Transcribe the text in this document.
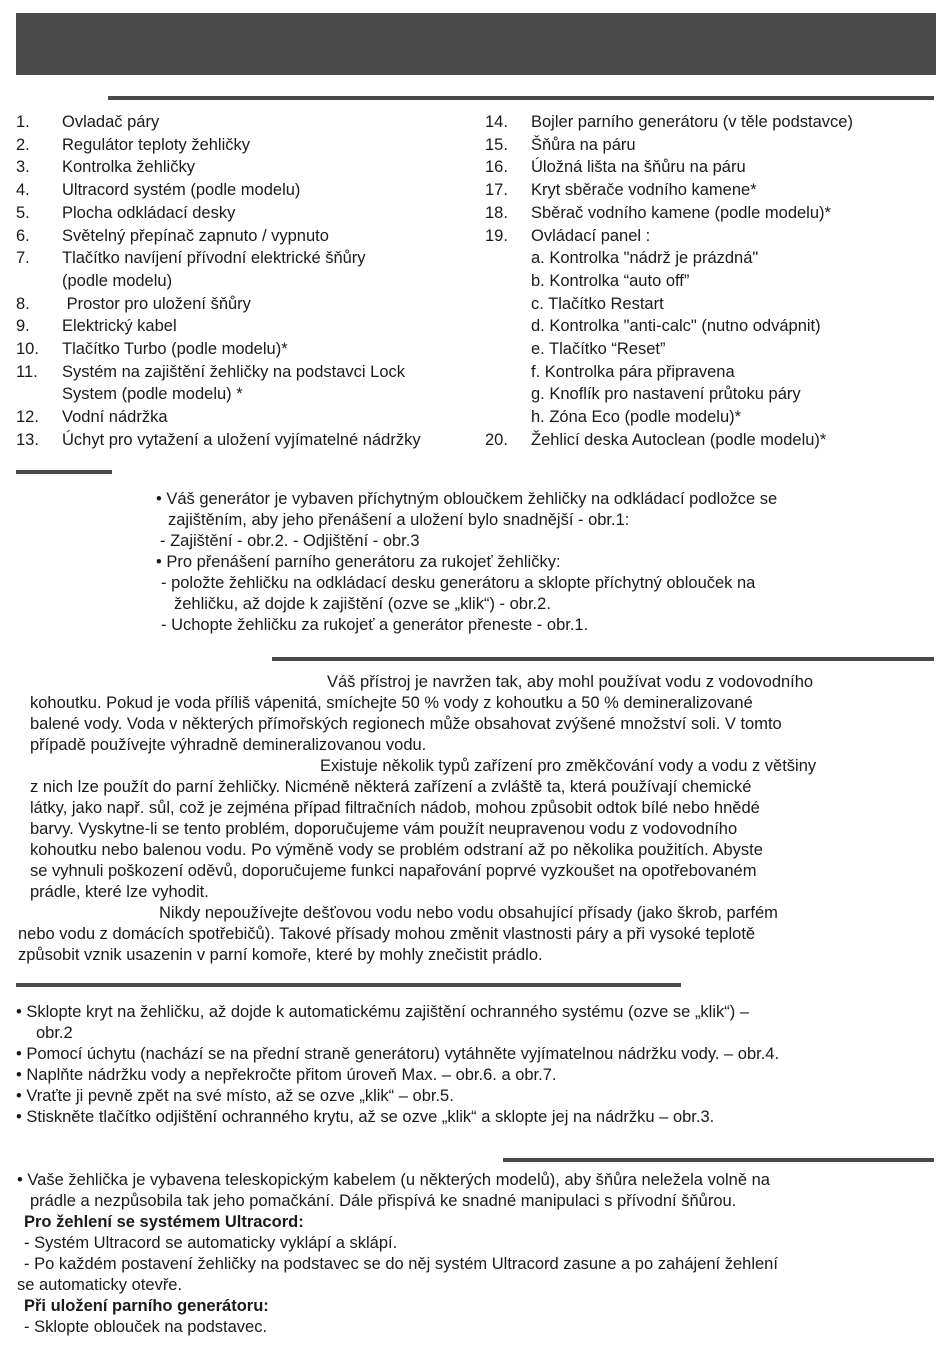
1. Ovladač páry
2. Regulátor teploty žehličky
3. Kontrolka žehličky
4. Ultracord systém (podle modelu)
5. Plocha odkládací desky
6. Světelný přepínač zapnuto / vypnuto
7. Tlačítko navíjení přívodní elektrické šňůry
(podle modelu)
8. Prostor pro uložení šňůry
9. Elektrický kabel
10. Tlačítko Turbo (podle modelu)*
11. Systém na zajištění žehličky na podstavci Lock
System (podle modelu) *
12. Vodní nádržka
13. Úchyt pro vytažení a uložení vyjímatelné nádržky
14. Bojler parního generátoru (v těle podstavce)
15. Šňůra na páru
16. Úložná lišta na šňůru na páru
17. Kryt sběrače vodního kamene*
18. Sběrač vodního kamene (podle modelu)*
19. Ovládací panel :
a. Kontrolka "nádrž je prázdná"
b. Kontrolka “auto off”
c. Tlačítko Restart
d. Kontrolka "anti-calc" (nutno odvápnit)
e. Tlačítko “Reset”
f. Kontrolka pára připravena
g. Knoflík pro nastavení průtoku páry
h. Zóna Eco (podle modelu)*
20. Žehlicí deska Autoclean (podle modelu)*

• Váš generátor je vybaven příchytným obloučkem žehličky na odkládací podložce se

zajištěním, aby jeho přenášení a uložení bylo snadnější - obr.1:

- Zajištění - obr.2. - Odjištění - obr.3

• Pro přenášení parního generátoru za rukojeť žehličky:

- položte žehličku na odkládací desku generátoru a sklopte příchytný oblouček na

žehličku, až dojde k zajištění (ozve se „klik“) - obr.2.

- Uchopte žehličku za rukojeť a generátor přeneste - obr.1.

Váš přístroj je navržen tak, aby mohl používat vodu z vodovodního

kohoutku. Pokud je voda příliš vápenitá, smíchejte 50 % vody z kohoutku a 50 % demineralizované

balené vody. Voda v některých přímořských regionech může obsahovat zvýšené množství soli. V tomto

případě používejte výhradně demineralizovanou vodu.

Existuje několik typů zařízení pro změkčování vody a vodu z většiny

z nich lze použít do parní žehličky. Nicméně některá zařízení a zvláště ta, která používají chemické

látky, jako např. sůl, což je zejména případ filtračních nádob, mohou způsobit odtok bílé nebo hnědé

barvy. Vyskytne-li se tento problém, doporučujeme vám použít neupravenou vodu z vodovodního

kohoutku nebo balenou vodu. Po výměně vody se problém odstraní až po několika použitích. Abyste

se vyhnuli poškození oděvů, doporučujeme funkci napařování poprvé vyzkoušet na opotřebovaném

prádle, které lze vyhodit.

Nikdy nepoužívejte dešťovou vodu nebo vodu obsahující přísady (jako škrob, parfém

nebo vodu z domácích spotřebičů). Takové přísady mohou změnit vlastnosti páry a při vysoké teplotě

způsobit vznik usazenin v parní komoře, které by mohly znečistit prádlo.

• Sklopte kryt na žehličku, až dojde k automatickému zajištění ochranného systému (ozve se „klik“) –

obr.2

• Pomocí úchytu (nachází se na přední straně generátoru) vytáhněte vyjímatelnou nádržku vody. – obr.4.

• Naplňte nádržku vody a nepřekročte přitom úroveň Max. – obr.6. a obr.7.

• Vraťte ji pevně zpět na své místo, až se ozve „klik“ – obr.5.

• Stiskněte tlačítko odjištění ochranného krytu, až se ozve „klik“ a sklopte jej na nádržku – obr.3.

• Vaše žehlička je vybavena teleskopickým kabelem (u některých modelů), aby šňůra neležela volně na

prádle a nezpůsobila tak jeho pomačkání. Dále přispívá ke snadné manipulaci s přívodní šňůrou.

Pro žehlení se systémem Ultracord:

- Systém Ultracord se automaticky vyklápí a sklápí.

- Po každém postavení žehličky na podstavec se do něj systém Ultracord zasune a po zahájení žehlení

se automaticky otevře.

Při uložení parního generátoru:

- Sklopte oblouček na podstavec.
